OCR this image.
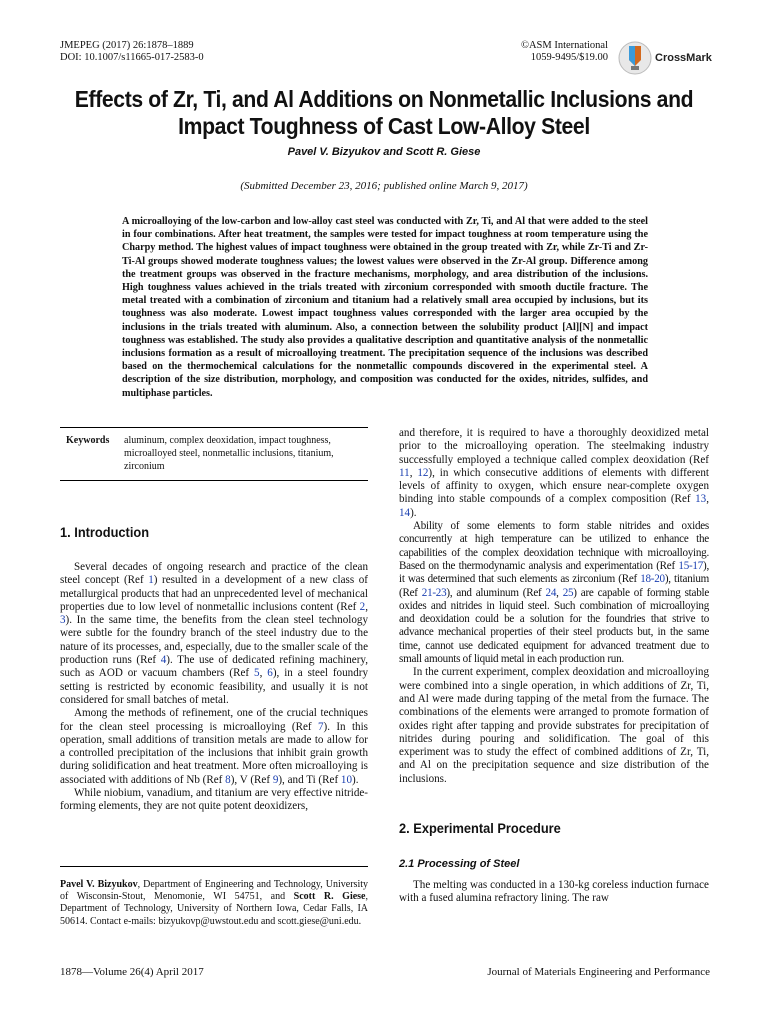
JMEPEG (2017) 26:1878–1889
DOI: 10.1007/s11665-017-2583-0
©ASM International
1059-9495/$19.00	CrossMark
Effects of Zr, Ti, and Al Additions on Nonmetallic Inclusions and Impact Toughness of Cast Low-Alloy Steel
Pavel V. Bizyukov and Scott R. Giese
(Submitted December 23, 2016; published online March 9, 2017)
A microalloying of the low-carbon and low-alloy cast steel was conducted with Zr, Ti, and Al that were added to the steel in four combinations. After heat treatment, the samples were tested for impact toughness at room temperature using the Charpy method. The highest values of impact toughness were obtained in the group treated with Zr, while Zr-Ti and Zr-Ti-Al groups showed moderate toughness values; the lowest values were observed in the Zr-Al group. Difference among the treatment groups was observed in the fracture mechanisms, morphology, and area distribution of the inclusions. High toughness values achieved in the trials treated with zirconium corresponded with smooth ductile fracture. The metal treated with a combination of zirconium and titanium had a relatively small area occupied by inclusions, but its toughness was also moderate. Lowest impact toughness values corresponded with the larger area occupied by the inclusions in the trials treated with aluminum. Also, a connection between the solubility product [Al][N] and impact toughness was established. The study also provides a qualitative description and quantitative analysis of the nonmetallic inclusions formation as a result of microalloying treatment. The precipitation sequence of the inclusions was described based on the thermochemical calculations for the nonmetallic compounds discovered in the experimental steel. A description of the size distribution, morphology, and composition was conducted for the oxides, nitrides, sulfides, and multiphase particles.
Keywords	aluminum, complex deoxidation, impact toughness, microalloyed steel, nonmetallic inclusions, titanium, zirconium
1. Introduction

Several decades of ongoing research and practice of the clean steel concept (Ref 1) resulted in a development of a new class of metallurgical products that had an unprecedented level of mechanical properties due to low level of nonmetallic inclusions content (Ref 2, 3). In the same time, the benefits from the clean steel technology were subtle for the foundry branch of the steel industry due to the nature of its processes, and, especially, due to the smaller scale of the production runs (Ref 4). The use of dedicated refining machinery, such as AOD or vacuum chambers (Ref 5, 6), in a steel foundry setting is restricted by economic feasibility, and usually it is not considered for small batches of metal.

Among the methods of refinement, one of the crucial techniques for the clean steel processing is microalloying (Ref 7). In this operation, small additions of transition metals are made to allow for a controlled precipitation of the inclusions that inhibit grain growth during solidification and heat treatment. More often microalloying is associated with additions of Nb (Ref 8), V (Ref 9), and Ti (Ref 10).

While niobium, vanadium, and titanium are very effective nitride-forming elements, they are not quite potent deoxidizers,

Pavel V. Bizyukov, Department of Engineering and Technology, University of Wisconsin-Stout, Menomonie, WI 54751, and Scott R. Giese, Department of Technology, University of Northern Iowa, Cedar Falls, IA 50614. Contact e-mails: bizyukovp@uwstout.edu and scott.giese@uni.edu.

and therefore, it is required to have a thoroughly deoxidized metal prior to the microalloying operation. The steelmaking industry successfully employed a technique called complex deoxidation (Ref 11, 12), in which consecutive additions of elements with different levels of affinity to oxygen, which ensure near-complete oxygen binding into stable compounds of a complex composition (Ref 13, 14).

Ability of some elements to form stable nitrides and oxides concurrently at high temperature can be utilized to enhance the capabilities of the complex deoxidation technique with microalloying. Based on the thermodynamic analysis and experimentation (Ref 15-17), it was determined that such elements as zirconium (Ref 18-20), titanium (Ref 21-23), and aluminum (Ref 24, 25) are capable of forming stable oxides and nitrides in liquid steel. Such combination of microalloying and deoxidation could be a solution for the foundries that strive to advance mechanical properties of their steel products but, in the same time, cannot use dedicated equipment for advanced treatment due to small amounts of liquid metal in each production run.

In the current experiment, complex deoxidation and microalloying were combined into a single operation, in which additions of Zr, Ti, and Al were made during tapping of the metal from the furnace. The combinations of the elements were arranged to promote formation of oxides right after tapping and provide substrates for precipitation of nitrides during pouring and solidification. The goal of this experiment was to study the effect of combined additions of Zr, Ti, and Al on the precipitation sequence and size distribution of the inclusions.

2. Experimental Procedure
2.1 Processing of Steel

The melting was conducted in a 130-kg coreless induction furnace with a fused alumina refractory lining. The raw

1878—Volume 26(4) April 2017	Journal of Materials Engineering and Performance
